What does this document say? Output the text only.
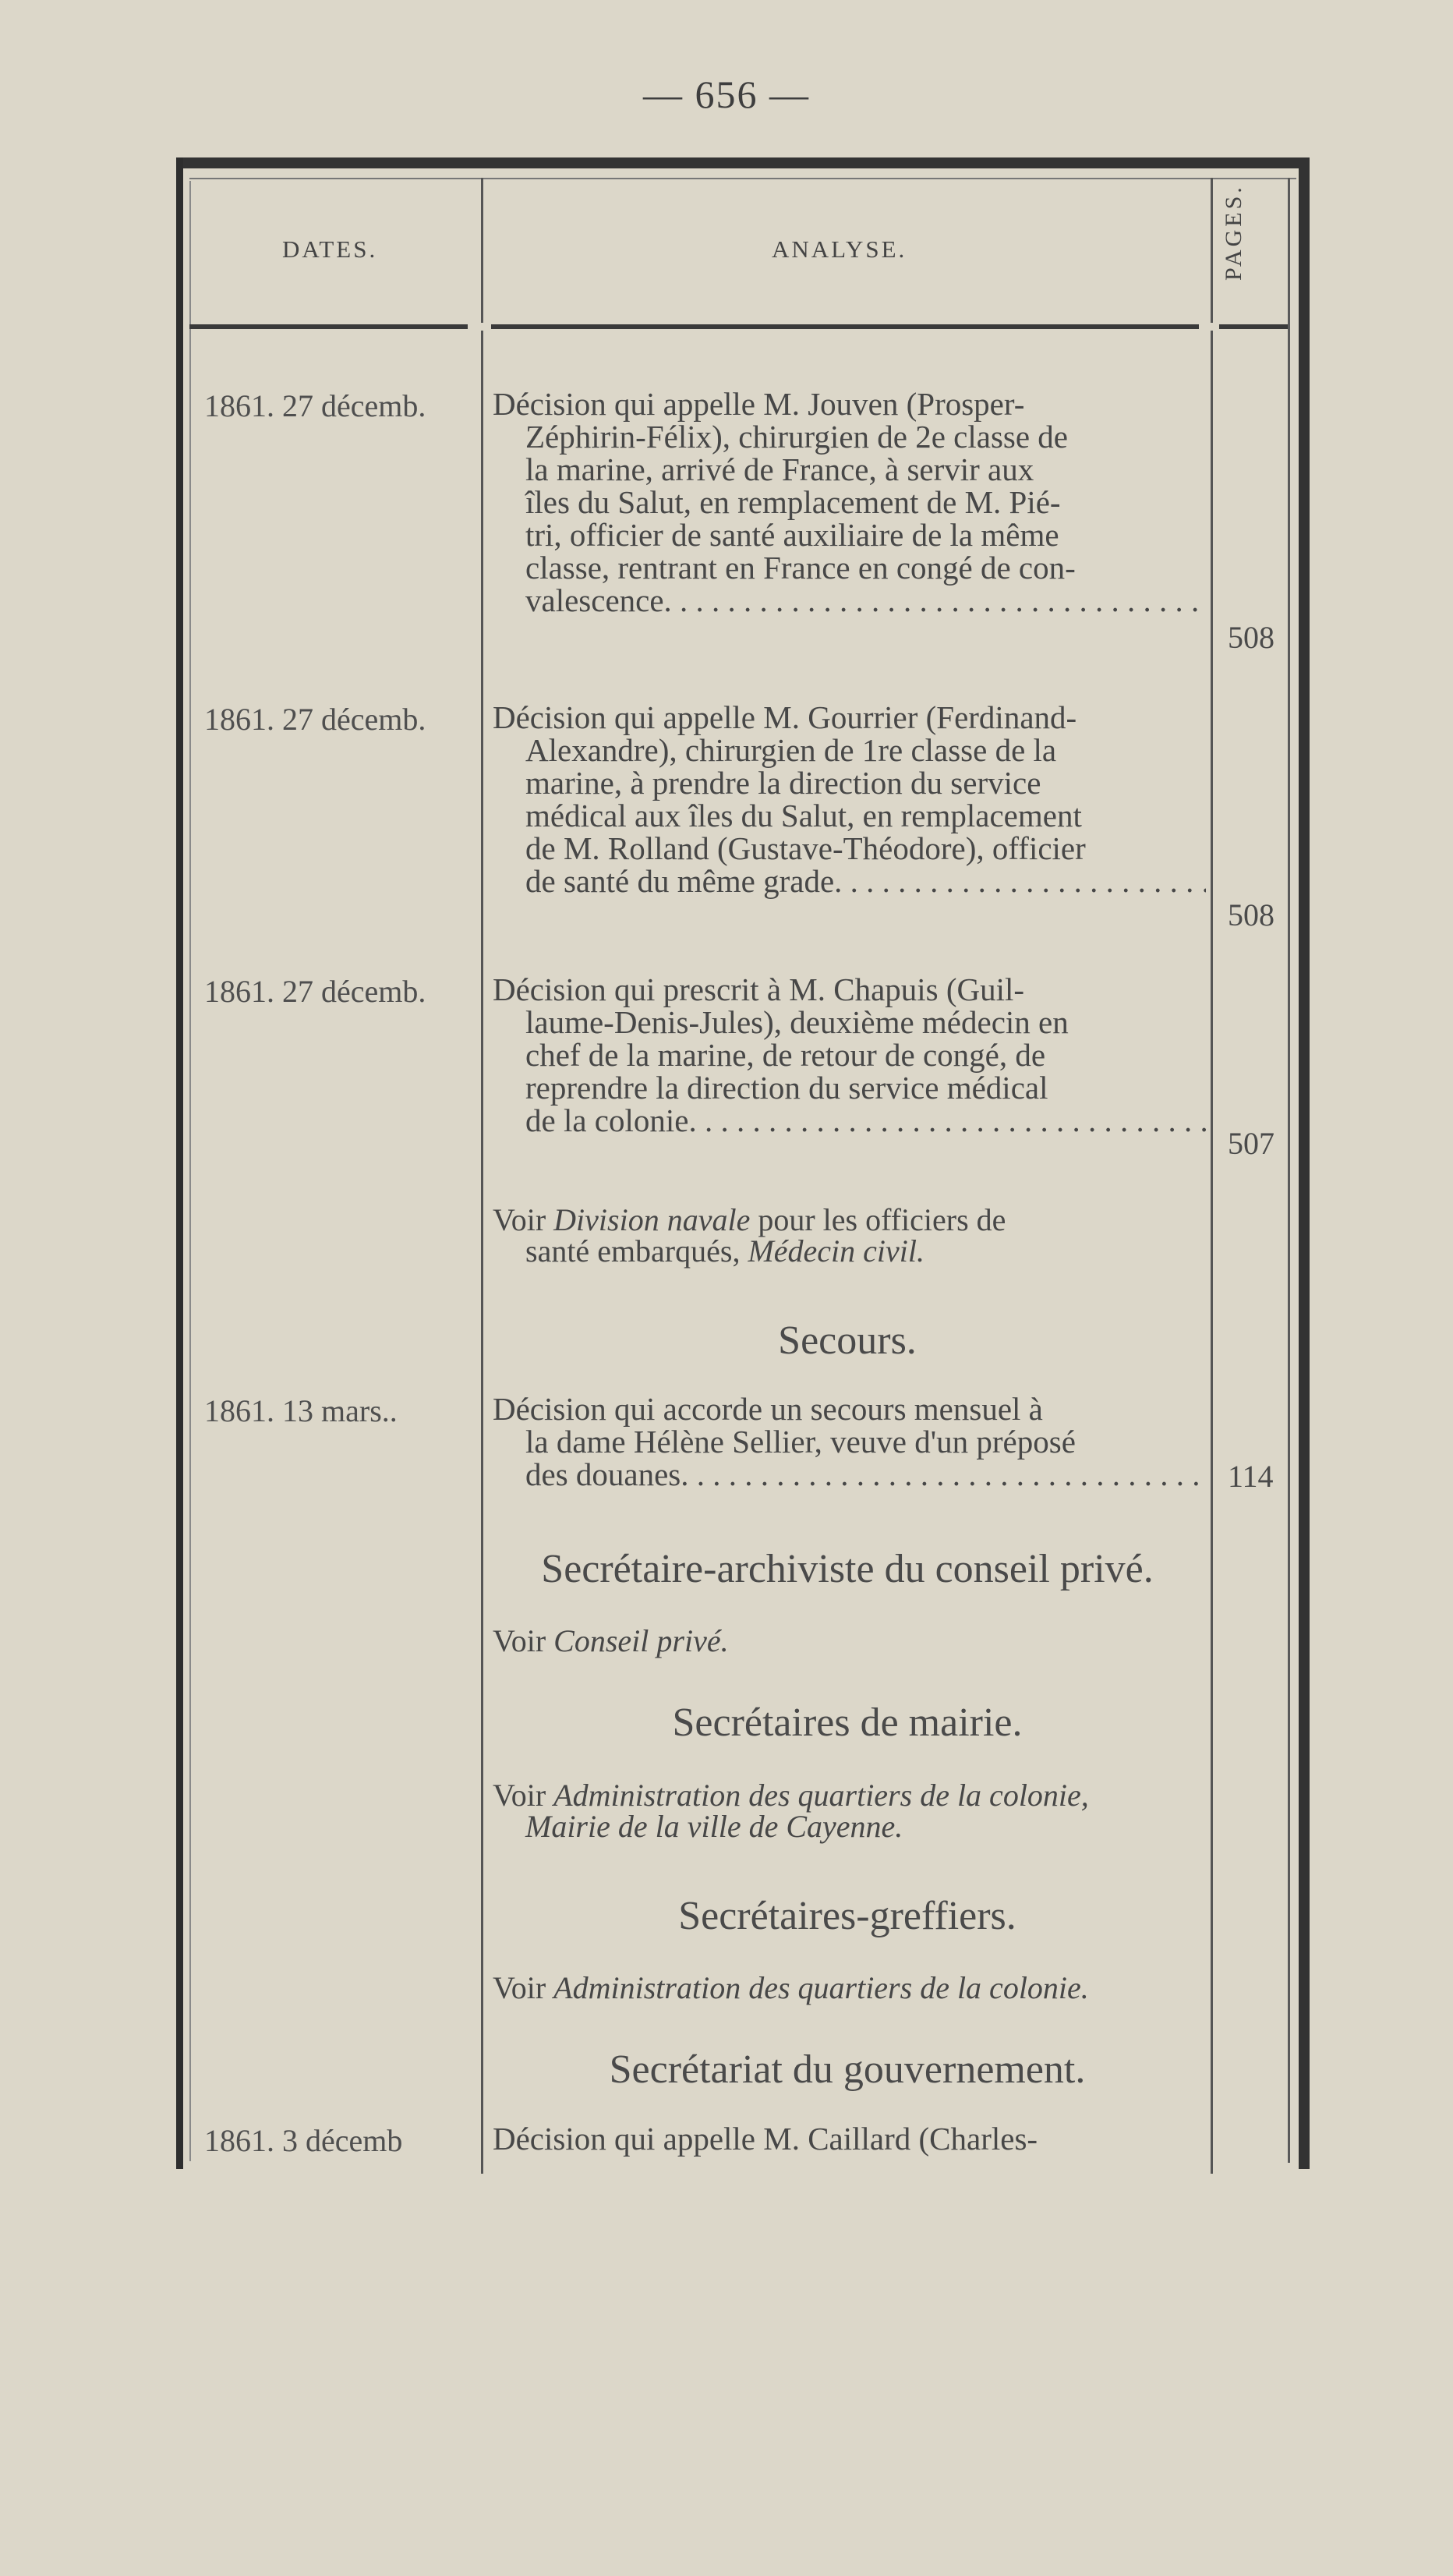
— 656 —
DATES.	ANALYSE.	PAGES.
1861. 27 décemb. Décision qui appelle M. Jouven (Prosper-

Zéphirin-Félix), chirurgien de 2e classe de

la marine, arrivé de France, à servir aux

îles du Salut, en remplacement de M. Pié-

tri, officier de santé auxiliaire de la même

classe, rentrant en France en congé de con-

valescence
. . .

508
1861. 27 décemb. Décision qui appelle M. Gourrier (Ferdinand-

Alexandre), chirurgien de 1re classe de la

marine, à prendre la direction du service

médical aux îles du Salut, en remplacement

de M. Rolland (Gustave-Théodore), officier

de santé du même grade
. . .

508
1861. 27 décemb. Décision qui prescrit à M. Chapuis (Guil-

laume-Denis-Jules), deuxième médecin en

chef de la marine, de retour de congé, de

reprendre la direction du service médical

de la colonie
. . .

507
Voir Division navale pour les officiers de
santé embarqués, Médecin civil.
Secours.
1861. 13 mars..	Décision qui accorde un secours mensuel à

la dame Hélène Sellier, veuve d'un préposé

des douanes
. . .	114
Secrétaire-archiviste du conseil privé.
Voir Conseil privé.
Secrétaires de mairie.
Voir Administration des quartiers de la colonie,
Mairie de la ville de Cayenne.
Secrétaires-greffiers.
Voir Administration des quartiers de la colonie.
Secrétariat du gouvernement.
1861. 3 décemb	Décision qui appelle M. Caillard (Charles-
